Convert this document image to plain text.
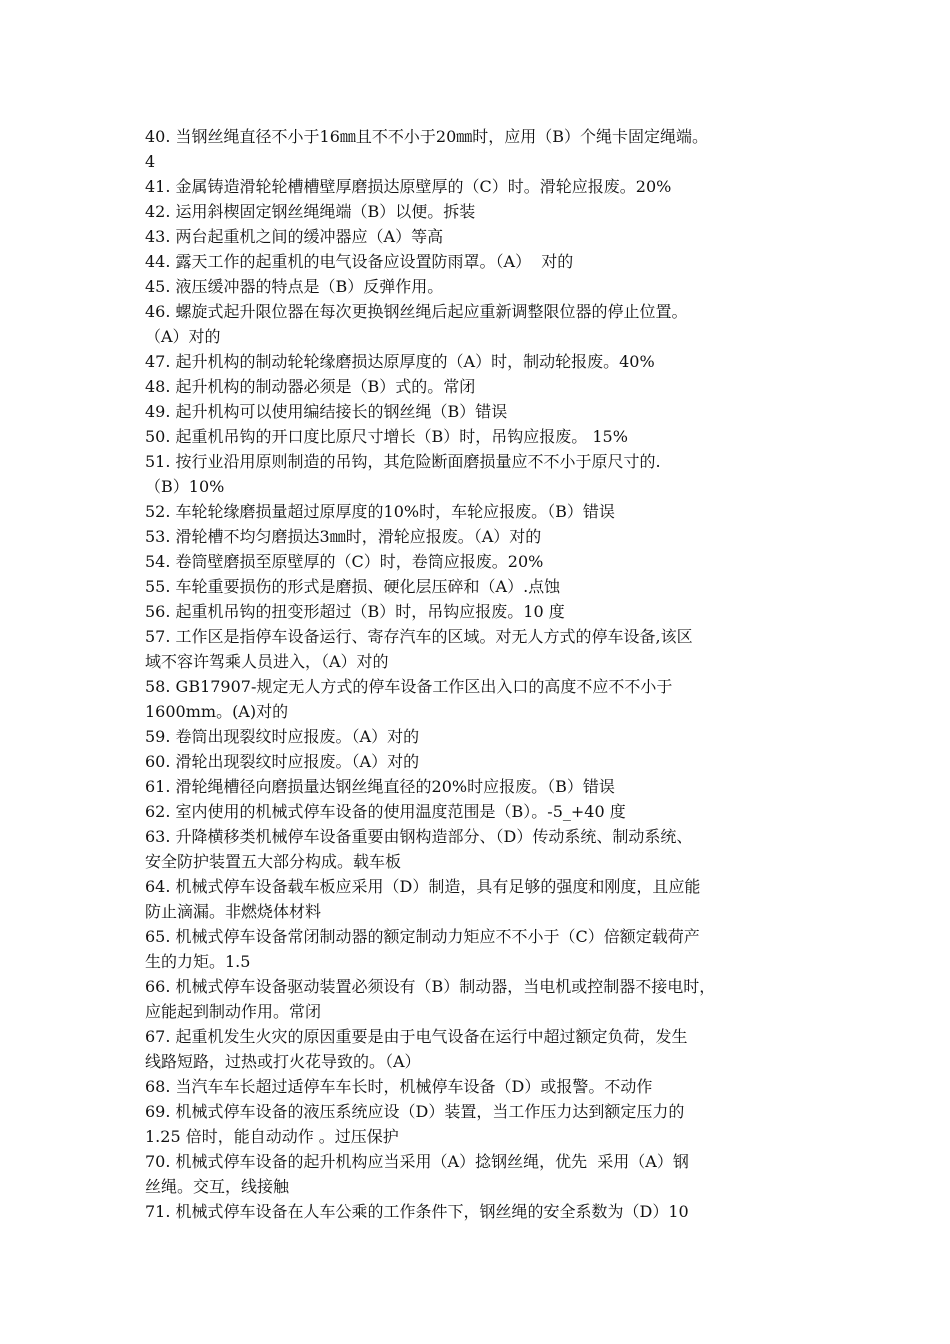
40. 当钢丝绳直径不小于16㎜且不不小于20㎜时，应用（B）个绳卡固定绳端。
4
41. 金属铸造滑轮轮槽槽壁厚磨损达原壁厚的（C）时。滑轮应报废。20%
42. 运用斜楔固定钢丝绳绳端（B）以便。拆装
43. 两台起重机之间的缓冲器应（A）等高
44. 露天工作的起重机的电气设备应设置防雨罩。（A）  对的
45. 液压缓冲器的特点是（B）反弹作用。
46. 螺旋式起升限位器在每次更换钢丝绳后起应重新调整限位器的停止位置。
（A）对的
47. 起升机构的制动轮轮缘磨损达原厚度的（A）时，制动轮报废。40%
48. 起升机构的制动器必须是（B）式的。常闭
49. 起升机构可以使用编结接长的钢丝绳（B）错误
50. 起重机吊钩的开口度比原尺寸增长（B）时，吊钩应报废。 15%
51. 按行业沿用原则制造的吊钩，其危险断面磨损量应不不小于原尺寸的.
（B）10%
52. 车轮轮缘磨损量超过原厚度的10%时，车轮应报废。（B）错误
53. 滑轮槽不均匀磨损达3㎜时，滑轮应报废。（A）对的
54. 卷筒壁磨损至原壁厚的（C）时，卷筒应报废。20%
55. 车轮重要损伤的形式是磨损、硬化层压碎和（A）.点蚀
56. 起重机吊钩的扭变形超过（B）时，吊钩应报废。10 度
57. 工作区是指停车设备运行、寄存汽车的区域。对无人方式的停车设备,该区
域不容许驾乘人员进入，（A）对的
58. GB17907-规定无人方式的停车设备工作区出入口的高度不应不不小于
1600mm。(A)对的
59. 卷筒出现裂纹时应报废。（A）对的
60. 滑轮出现裂纹时应报废。（A）对的
61. 滑轮绳槽径向磨损量达钢丝绳直径的20%时应报废。（B）错误
62. 室内使用的机械式停车设备的使用温度范围是（B）。-5_+40 度
63. 升降横移类机械停车设备重要由钢构造部分、（D）传动系统、制动系统、
安全防护装置五大部分构成。载车板
64. 机械式停车设备载车板应采用（D）制造，具有足够的强度和刚度，且应能
防止滴漏。非燃烧体材料
65. 机械式停车设备常闭制动器的额定制动力矩应不不小于（C）倍额定载荷产
生的力矩。1.5
66. 机械式停车设备驱动装置必须设有（B）制动器，当电机或控制器不接电时，
应能起到制动作用。常闭
67. 起重机发生火灾的原因重要是由于电气设备在运行中超过额定负荷，发生
线路短路，过热或打火花导致的。（A）
68. 当汽车车长超过适停车车长时，机械停车设备（D）或报警。不动作
69. 机械式停车设备的液压系统应设（D）装置，当工作压力达到额定压力的
1.25 倍时，能自动动作 。过压保护
70. 机械式停车设备的起升机构应当采用（A）捻钢丝绳，优先  采用（A）钢
丝绳。交互，线接触
71. 机械式停车设备在人车公乘的工作条件下，钢丝绳的安全系数为（D）10
